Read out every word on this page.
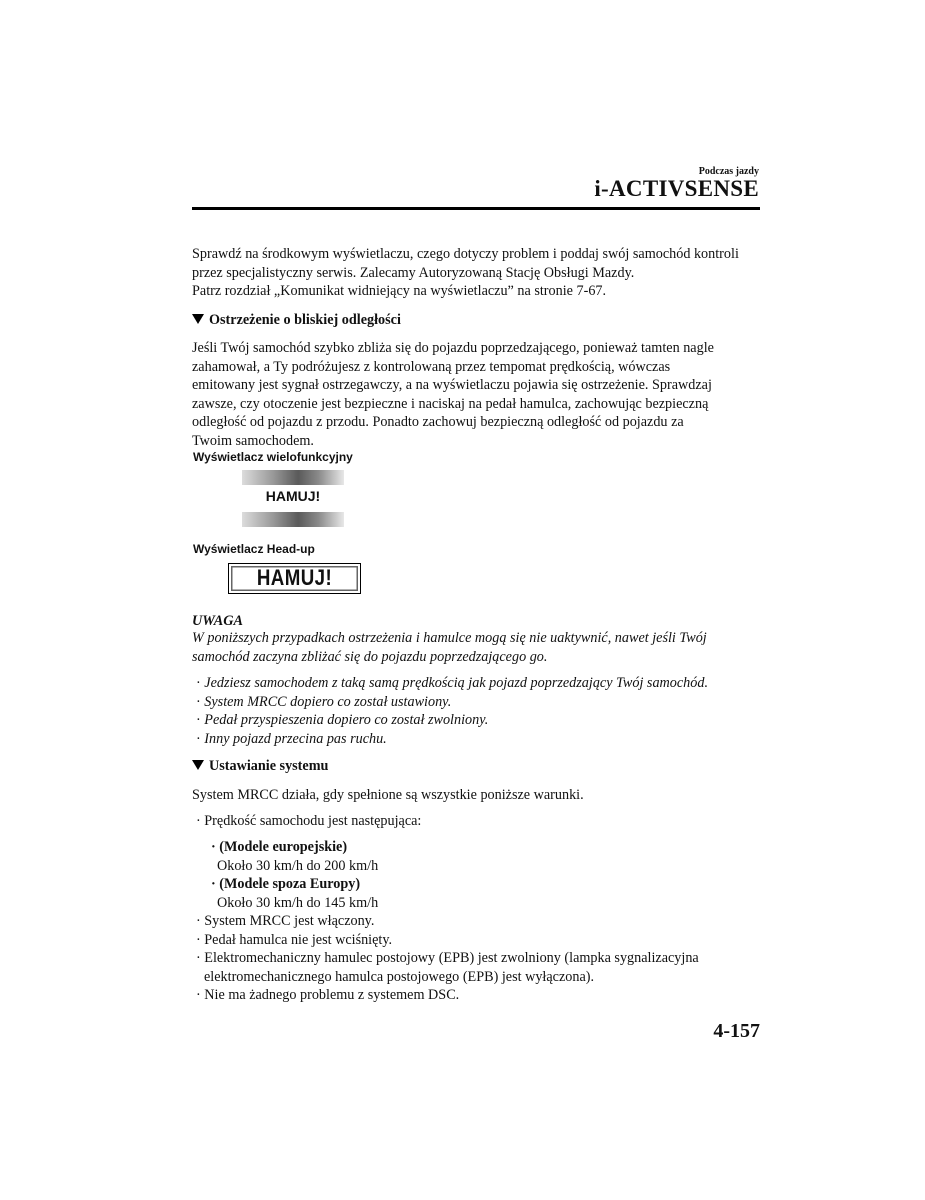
Podczas jazdy
i-ACTIVSENSE
Sprawdź na środkowym wyświetlaczu, czego dotyczy problem i poddaj swój samochód kontroli
przez specjalistyczny serwis. Zalecamy Autoryzowaną Stację Obsługi Mazdy.
Patrz rozdział „Komunikat widniejący na wyświetlaczu” na stronie 7-67.
Ostrzeżenie o bliskiej odległości
Jeśli Twój samochód szybko zbliża się do pojazdu poprzedzającego, ponieważ tamten nagle
zahamował, a Ty podróżujesz z kontrolowaną przez tempomat prędkością, wówczas
emitowany jest sygnał ostrzegawczy, a na wyświetlaczu pojawia się ostrzeżenie. Sprawdzaj
zawsze, czy otoczenie jest bezpieczne i naciskaj na pedał hamulca, zachowując bezpieczną
odległość od pojazdu z przodu. Ponadto zachowuj bezpieczną odległość od pojazdu za
Twoim samochodem.
Wyświetlacz wielofunkcyjny
HAMUJ!
Wyświetlacz Head-up
HAMUJ!
UWAGA
W poniższych przypadkach ostrzeżenia i hamulce mogą się nie uaktywnić, nawet jeśli Twój
samochód zaczyna zbliżać się do pojazdu poprzedzającego go.
· Jedziesz samochodem z taką samą prędkością jak pojazd poprzedzający Twój samochód.
· System MRCC dopiero co został ustawiony.
· Pedał przyspieszenia dopiero co został zwolniony.
· Inny pojazd przecina pas ruchu.
Ustawianie systemu
System MRCC działa, gdy spełnione są wszystkie poniższe warunki.
· Prędkość samochodu jest następująca:
· (Modele europejskie)
Około 30 km/h do 200 km/h
· (Modele spoza Europy)
Około 30 km/h do 145 km/h
· System MRCC jest włączony.
· Pedał hamulca nie jest wciśnięty.
· Elektromechaniczny hamulec postojowy (EPB) jest zwolniony (lampka sygnalizacyjna
elektromechanicznego hamulca postojowego (EPB) jest wyłączona).
· Nie ma żadnego problemu z systemem DSC.
4-157
